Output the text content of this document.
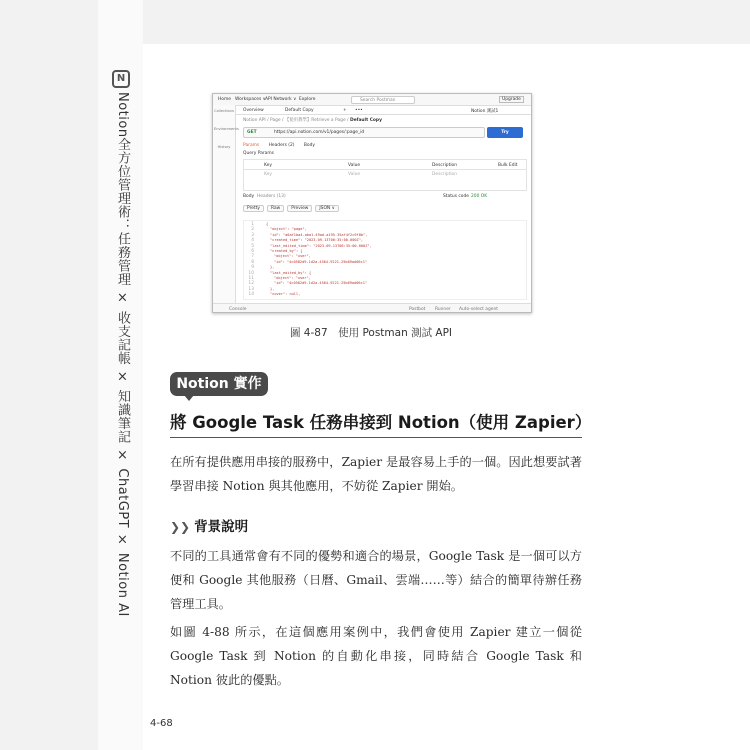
N
Notion全方位管理術：任務管理 × 收支記帳 × 知識筆記 × ChatGPT × Notion AI	Home Workspaces ∨ API Network ∨ Explore	Search Postman	Upgrade
Collections
Environments
History
Overview	Default Copy	+ •••	Notion 測試1
Notion API / Page / 【使用教學】Retrieve a Page / Default Copy
GET	https://api.notion.com/v1/pages/:page_id	Try
Params Headers (2) Body
Query Params
Key	Value	Description	Bulk Edit
Key	Value	Description
Body Headers (13)	Status code 200 OK
Pretty	Raw	Preview	JSON ∨
1	{
2	"object": "page",
3	"id": "a0af1ba4-aba1-49ad-a195-35af4f2c9f8b",
4	"created_time": "2023-09-13T06:35:00.000Z",
5	"last_edited_time": "2023-09-13T06:35:00.000Z",
6	"created_by": {
7	"object": "user",
8	"id": "4c0582d9-1d2a-4564-9221-25b69ad06c1"
9	},
10	"last_edited_by": {
11	"object": "user",
12	"id": "4c0582d9-1d2a-4564-9221-25b69ad06c1"
13	},
14	"cover": null,
Console	Postbot Runner Auto-select agent
圖 4-87　使用 Postman 測試 API
Notion 實作 9
將 Google Task 任務串接到 Notion（使用 Zapier）
在所有提供應用串接的服務中，Zapier 是最容易上手的一個。因此想要試著學習串接 Notion 與其他應用，不妨從 Zapier 開始。
❯❯ 背景說明
不同的工具通常會有不同的優勢和適合的場景，Google Task 是一個可以方便和 Google 其他服務（日曆、Gmail、雲端……等）結合的簡單待辦任務管理工具。
如圖 4-88 所示，在這個應用案例中，我們會使用 Zapier 建立一個從 Google Task 到 Notion 的自動化串接，同時結合 Google Task 和 Notion 彼此的優點。
4-68
